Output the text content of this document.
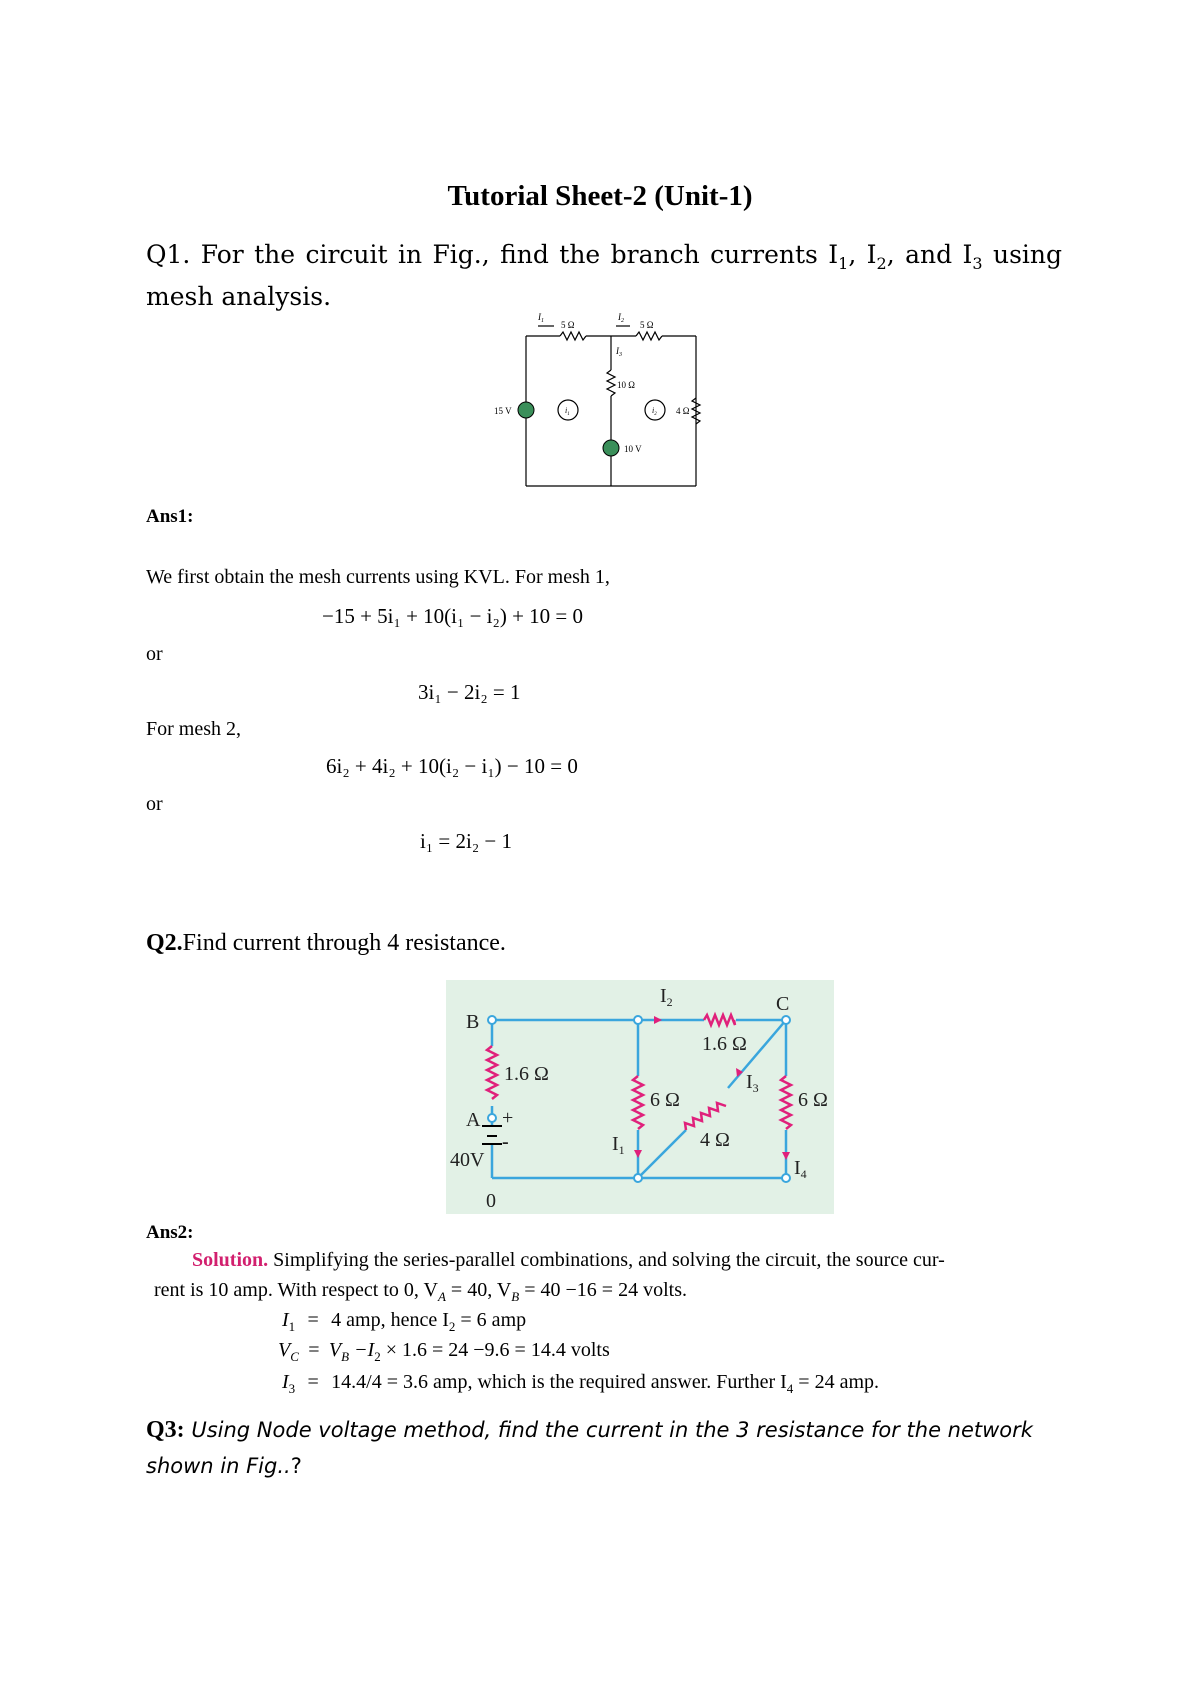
Tutorial Sheet-2 (Unit-1)
Q1. For the circuit in Fig., find the branch currents $I_1$, $I_2$, and $I_3$ using mesh analysis.
5 Ω	5 Ω
10 Ω
4 Ω
15 V
10 V
$I_1$	$I_2$
$I_3$
$i_1$	$i_2$
Ans1:
We first obtain the mesh currents using KVL. For mesh 1,
−15 + 5i₁ + 10(i₁ − i₂) + 10 = 0
or
3i₁ − 2i₂ = 1
For mesh 2,
6i₂ + 4i₂ + 10(i₂ − i₁) − 10 = 0
or
i₁ = 2i₂ − 1
Q2.Find current through 4 resistance.
B
A
0
C
1.6 Ω
1.6 Ω
6 Ω
4 Ω
6 Ω
40V
+
-	$I_1$
$I_2$
$I_3$
$I_4$
Ans2:
Solution. Simplifying the series-parallel combinations, and solving the circuit, the source cur-
rent is 10 amp. With respect to 0, $V_A = 40$, $V_B = 40 -16 = 24$ volts.
$I_1 = 4$ amp, hence $I_2 = 6$ amp
$V_C = V_B -I_2 \times 1.6 = 24 -9.6 = 14.4$ volts
$I_3 = 14.4/4 = 3.6$ amp, which is the required answer. Further $I_4 = 24$ amp.
Q3: Using Node voltage method, find the current in the 3 resistance for the network shown in Fig..?
